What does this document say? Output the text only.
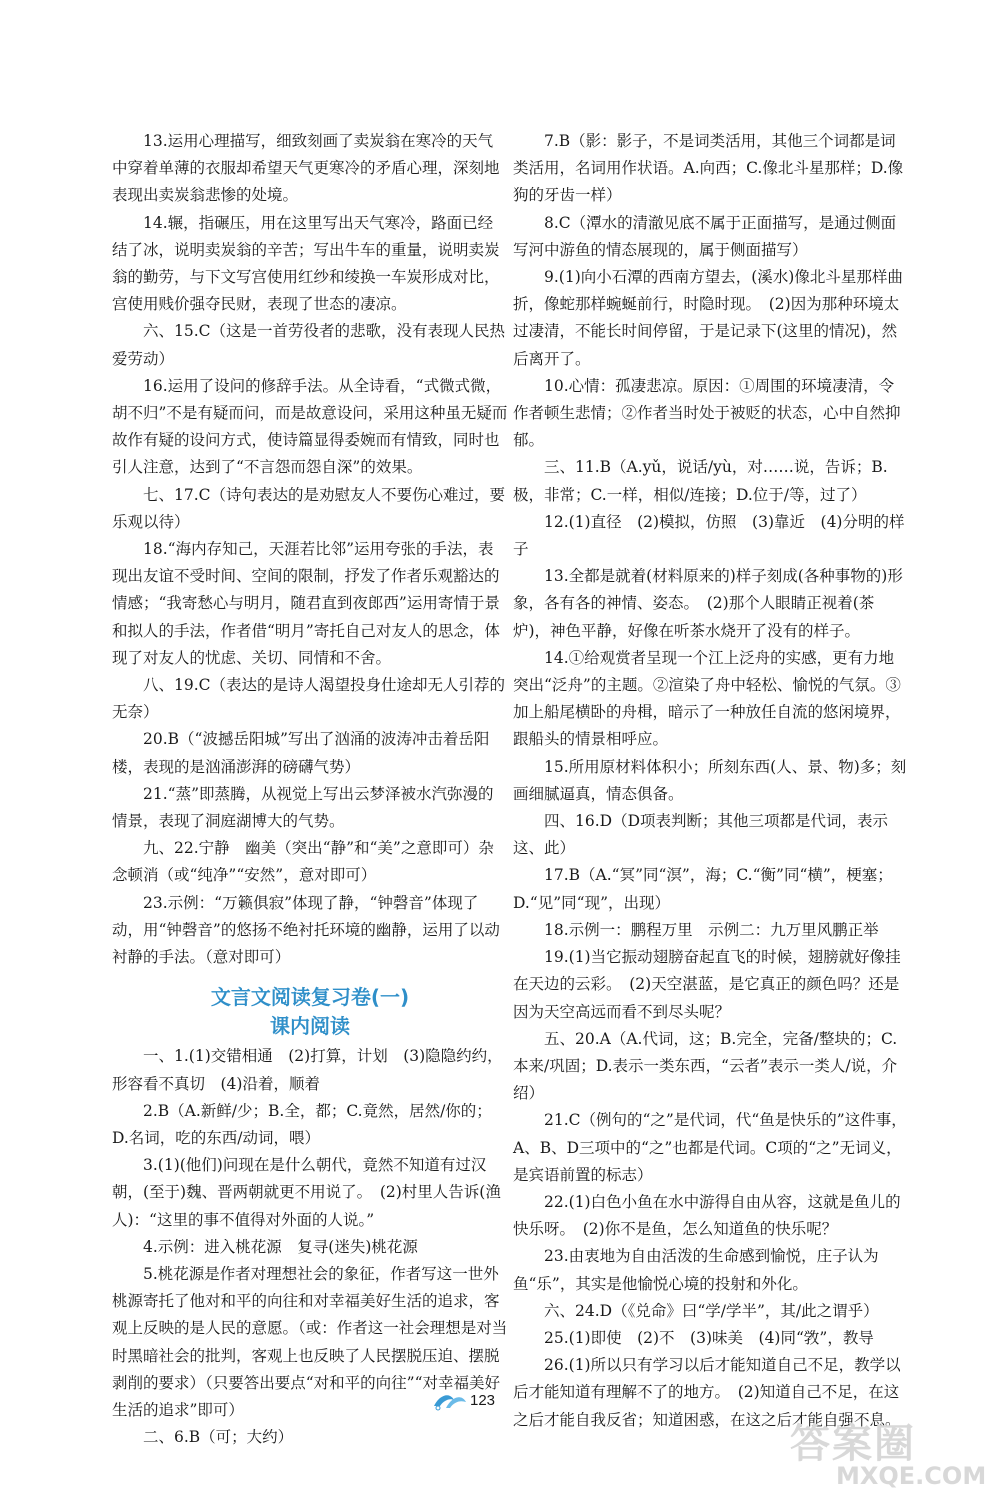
13.运用心理描写，细致刻画了卖炭翁在寒冷的天气中穿着单薄的衣服却希望天气更寒冷的矛盾心理，深刻地表现出卖炭翁悲惨的处境。

14.辗，指碾压，用在这里写出天气寒冷，路面已经结了冰，说明卖炭翁的辛苦；写出牛车的重量，说明卖炭翁的勤劳，与下文写宫使用红纱和绫换一车炭形成对比，宫使用贱价强夺民财，表现了世态的凄凉。

六、15.C（这是一首劳役者的悲歌，没有表现人民热爱劳动）

16.运用了设问的修辞手法。从全诗看，“式微式微，胡不归”不是有疑而问，而是故意设问，采用这种虽无疑而故作有疑的设问方式，使诗篇显得委婉而有情致，同时也引人注意，达到了“不言怨而怨自深”的效果。

七、17.C（诗句表达的是劝慰友人不要伤心难过，要乐观以待）

18.“海内存知己，天涯若比邻”运用夸张的手法，表现出友谊不受时间、空间的限制，抒发了作者乐观豁达的情感；“我寄愁心与明月，随君直到夜郎西”运用寄情于景和拟人的手法，作者借“明月”寄托自己对友人的思念，体现了对友人的忧虑、关切、同情和不舍。

八、19.C（表达的是诗人渴望投身仕途却无人引荐的无奈）

20.B（“波撼岳阳城”写出了汹涌的波涛冲击着岳阳楼，表现的是汹涌澎湃的磅礴气势）

21.“蒸”即蒸腾，从视觉上写出云梦泽被水汽弥漫的情景，表现了洞庭湖博大的气势。

九、22.宁静　幽美（突出“静”和“美”之意即可）杂念顿消（或“纯净”“安然”，意对即可）

23.示例：“万籁俱寂”体现了静，“钟磬音”体现了动，用“钟磬音”的悠扬不绝衬托环境的幽静，运用了以动衬静的手法。（意对即可）

文言文阅读复习卷(一)
课内阅读

一、1.(1)交错相通　(2)打算，计划　(3)隐隐约约，形容看不真切　(4)沿着，顺着

2.B（A.新鲜/少；B.全，都；C.竟然，居然/你的；D.名词，吃的东西/动词，喂）

3.(1)(他们)问现在是什么朝代，竟然不知道有过汉朝，(至于)魏、晋两朝就更不用说了。　(2)村里人告诉(渔人)：“这里的事不值得对外面的人说。”

4.示例：进入桃花源　复寻(迷失)桃花源

5.桃花源是作者对理想社会的象征，作者写这一世外桃源寄托了他对和平的向往和对幸福美好生活的追求，客观上反映的是人民的意愿。（或：作者这一社会理想是对当时黑暗社会的批判，客观上也反映了人民摆脱压迫、摆脱剥削的要求）（只要答出要点“对和平的向往”“对幸福美好生活的追求”即可）

二、6.B（可；大约）

7.B（影：影子，不是词类活用，其他三个词都是词类活用，名词用作状语。A.向西；C.像北斗星那样；D.像狗的牙齿一样）

8.C（潭水的清澈见底不属于正面描写，是通过侧面写河中游鱼的情态展现的，属于侧面描写）

9.(1)向小石潭的西南方望去，(溪水)像北斗星那样曲折，像蛇那样蜿蜒前行，时隐时现。　(2)因为那种环境太过凄清，不能长时间停留，于是记录下(这里的情况)，然后离开了。

10.心情：孤凄悲凉。原因：①周围的环境凄清，令作者顿生悲情；②作者当时处于被贬的状态，心中自然抑郁。

三、11.B（A.yǔ，说话/yù，对……说，告诉；B.极，非常；C.一样，相似/连接；D.位于/等，过了）

12.(1)直径　(2)模拟，仿照　(3)靠近　(4)分明的样子

13.全都是就着(材料原来的)样子刻成(各种事物的)形象，各有各的神情、姿态。　(2)那个人眼睛正视着(茶炉)，神色平静，好像在听茶水烧开了没有的样子。

14.①给观赏者呈现一个江上泛舟的实感，更有力地突出“泛舟”的主题。②渲染了舟中轻松、愉悦的气氛。③加上船尾横卧的舟楫，暗示了一种放任自流的悠闲境界，跟船头的情景相呼应。

15.所用原材料体积小；所刻东西(人、景、物)多；刻画细腻逼真，情态俱备。

四、16.D（D项表判断；其他三项都是代词，表示这、此）

17.B（A.“冥”同“溟”，海；C.“衡”同“横”，梗塞；D.“见”同“现”，出现）

18.示例一：鹏程万里　示例二：九万里风鹏正举

19.(1)当它振动翅膀奋起直飞的时候，翅膀就好像挂在天边的云彩。　(2)天空湛蓝，是它真正的颜色吗？还是因为天空高远而看不到尽头呢？

五、20.A（A.代词，这；B.完全，完备/整块的；C.本来/巩固；D.表示一类东西，“云者”表示一类人/说，介绍）

21.C（例句的“之”是代词，代“鱼是快乐的”这件事，A、B、D三项中的“之”也都是代词。C项的“之”无词义，是宾语前置的标志）

22.(1)白色小鱼在水中游得自由从容，这就是鱼儿的快乐呀。　(2)你不是鱼，怎么知道鱼的快乐呢？

23.由衷地为自由活泼的生命感到愉悦，庄子认为鱼“乐”，其实是他愉悦心境的投射和外化。

六、24.D（《兑命》曰“学/学半”，其/此之谓乎）

25.(1)即使　(2)不　(3)味美　(4)同“敩”，教导

26.(1)所以只有学习以后才能知道自己不足，教学以后才能知道有理解不了的地方。　(2)知道自己不足，在这之后才能自我反省；知道困惑，在这之后才能自强不息。

123
答案圈
MXQE.COM
